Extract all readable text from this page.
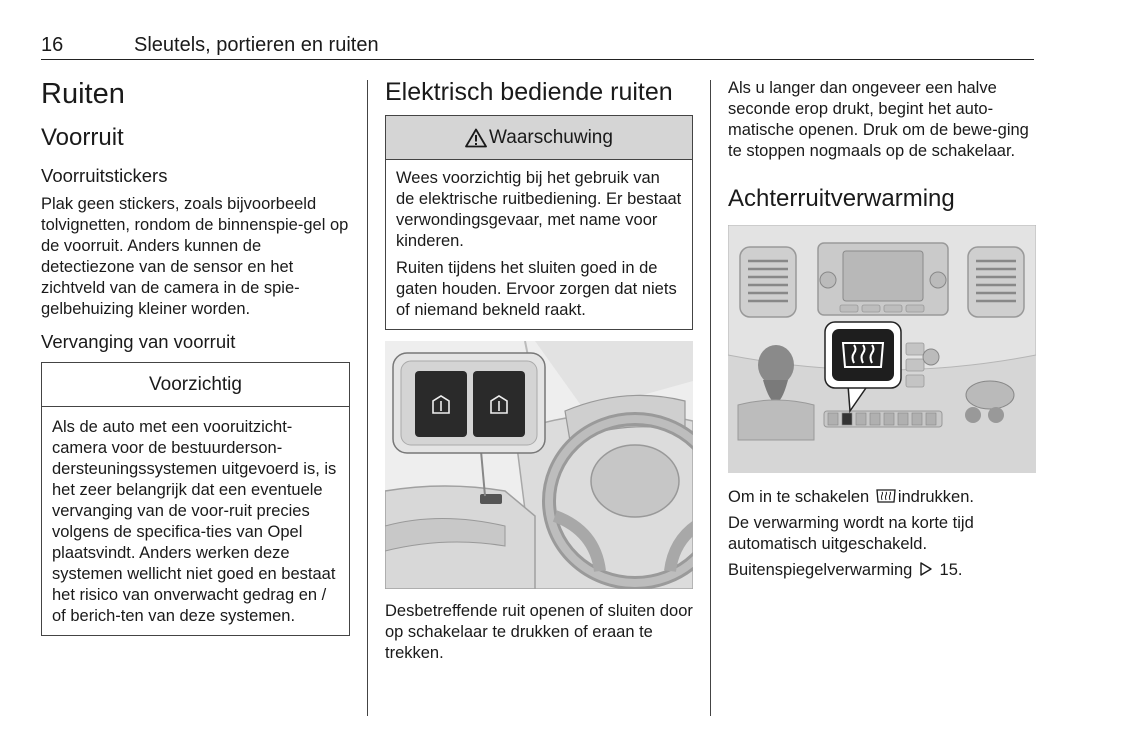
16	Sleutels, portieren en ruiten
Ruiten
Voorruit
Voorruitstickers

Plak geen stickers, zoals bijvoorbeeld tolvignetten, rondom de binnenspie-gel op de voorruit. Anders kunnen de detectiezone van de sensor en het zichtveld van de camera in de spie-gelbehuizing kleiner worden.

Vervanging van voorruit
Voorzichtig

Als de auto met een vooruitzicht-camera voor de bestuurderson-dersteuningssystemen uitgevoerd is, is het zeer belangrijk dat een eventuele vervanging van de voor-ruit precies volgens de specifica-ties van Opel plaatsvindt. Anders werken deze systemen wellicht niet goed en bestaat het risico van onverwacht gedrag en / of berich-ten van deze systemen.

Elektrisch bediende ruiten
Waarschuwing

Wees voorzichtig bij het gebruik van de elektrische ruitbediening. Er bestaat verwondingsgevaar, met name voor kinderen.

Ruiten tijdens het sluiten goed in de gaten houden. Ervoor zorgen dat niets of niemand bekneld raakt.

Desbetreffende ruit openen of sluiten door op schakelaar te drukken of eraan te trekken.

Als u langer dan ongeveer een halve seconde erop drukt, begint het auto-matische openen. Druk om de bewe-ging te stoppen nogmaals op de schakelaar.

Achterruitverwarming

Om in te schakelen indrukken.

De verwarming wordt na korte tijd automatisch uitgeschakeld.

Buitenspiegelverwarming 15.
